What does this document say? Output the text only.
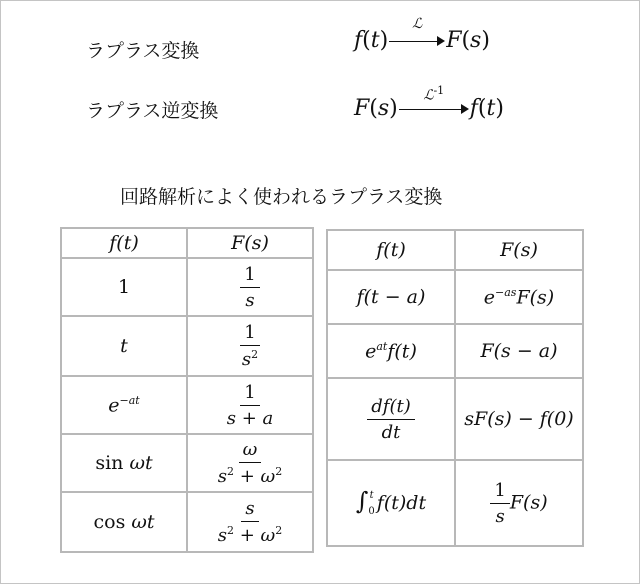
ラプラス変換	f ( t )
ℒ
F ( s )
ラプラス逆変換	F ( s )
ℒ$^{-1}$
f ( t )
回路解析によく使われるラプラス変換
f(t)	F(s)
1	$\frac{1}{s}$

t	$\frac{1}{s^2}$

$e^{-at}$	$\frac{1}{s + a}$

sin ωt	$\frac{\omega}{s^2 + \omega^2}$

cos ωt	$\frac{s}{s^2 + \omega^2}$
f(t)	F(s)
f(t − a)	$e^{-as}F(s)$
$e^{at}f(t)$	F(s − a)

$\frac{df(t)}{dt}$	sF(s) − f(0)
∫ t
0 f(t)dt	$\frac{1}{s} F(s)$
